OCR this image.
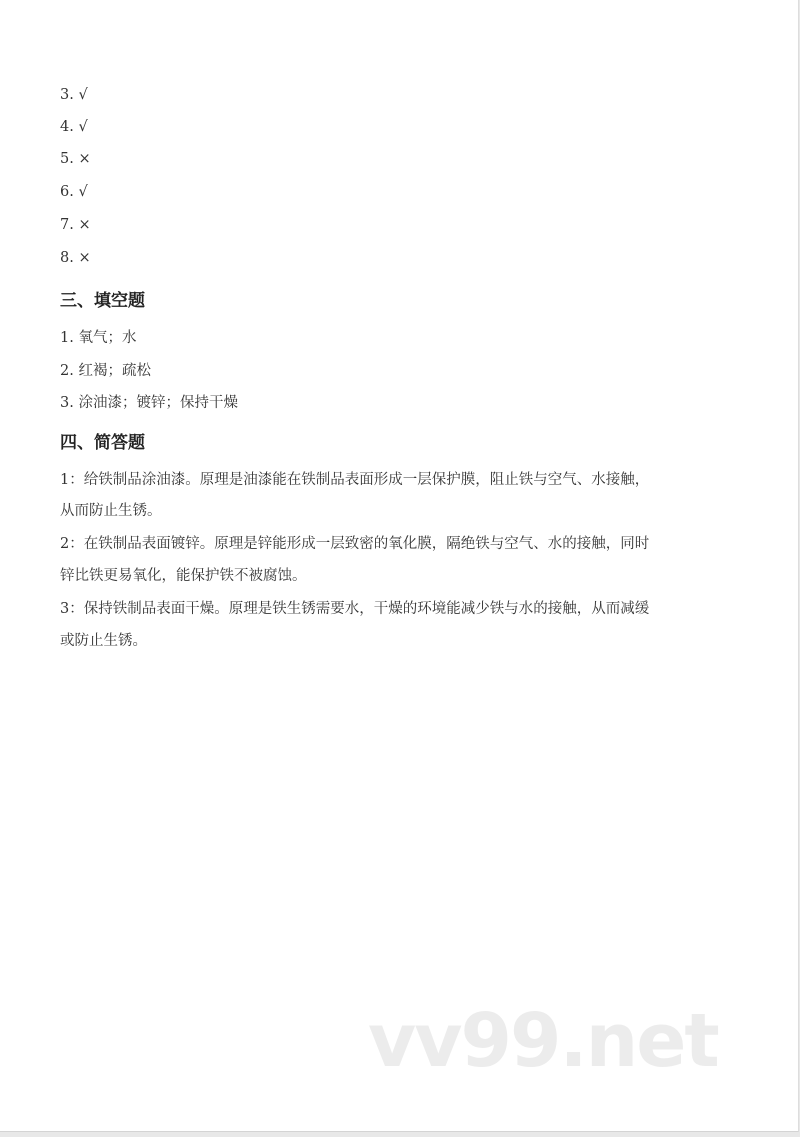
3. √
4. √
5. ×
6. √
7. ×
8. ×
三、填空题
1. 氧气；水
2. 红褐；疏松
3. 涂油漆；镀锌；保持干燥
四、简答题
1：给铁制品涂油漆。原理是油漆能在铁制品表面形成一层保护膜，阻止铁与空气、水接触，
从而防止生锈。
2：在铁制品表面镀锌。原理是锌能形成一层致密的氧化膜，隔绝铁与空气、水的接触，同时
锌比铁更易氧化，能保护铁不被腐蚀。
3：保持铁制品表面干燥。原理是铁生锈需要水，干燥的环境能减少铁与水的接触，从而减缓
或防止生锈。
vv99.net
